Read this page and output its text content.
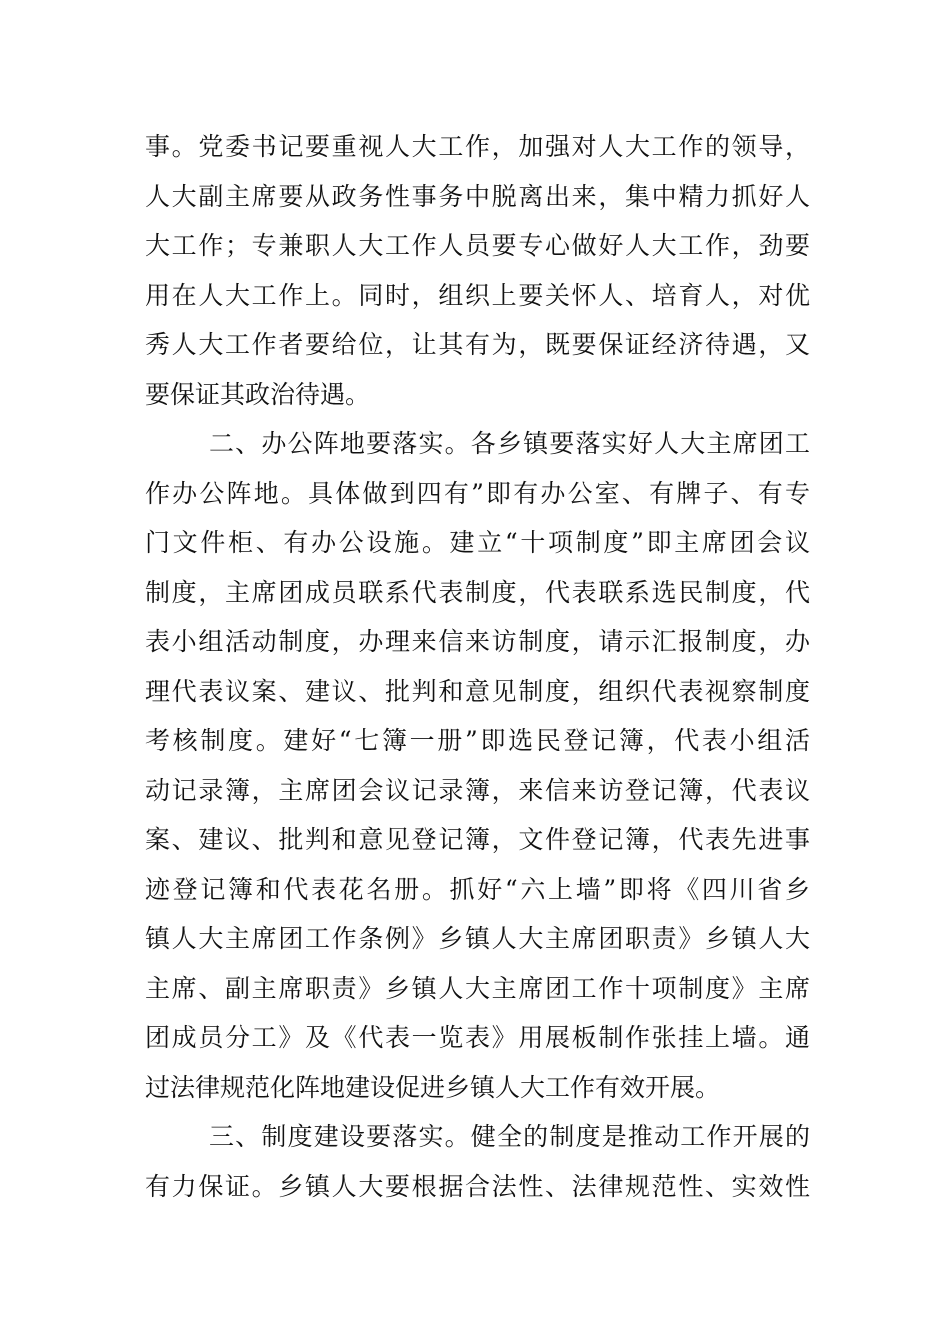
事。党委书记要重视人大工作，加强对人大工作的领导，
人大副主席要从政务性事务中脱离出来，集中精力抓好人
大工作；专兼职人大工作人员要专心做好人大工作，劲要
用在人大工作上。同时，组织上要关怀人、培育人，对优
秀人大工作者要给位，让其有为，既要保证经济待遇，又
要保证其政治待遇。
二、办公阵地要落实。各乡镇要落实好人大主席团工
作办公阵地。具体做到四有”即有办公室、有牌子、有专
门文件柜、有办公设施。建立“十项制度”即主席团会议
制度，主席团成员联系代表制度，代表联系选民制度，代
表小组活动制度，办理来信来访制度，请示汇报制度，办
理代表议案、建议、批判和意见制度，组织代表视察制度
考核制度。建好“七簿一册”即选民登记簿，代表小组活
动记录簿，主席团会议记录簿，来信来访登记簿，代表议
案、建议、批判和意见登记簿，文件登记簿，代表先进事
迹登记簿和代表花名册。抓好“六上墙”即将《四川省乡
镇人大主席团工作条例》乡镇人大主席团职责》乡镇人大
主席、副主席职责》乡镇人大主席团工作十项制度》主席
团成员分工》及《代表一览表》用展板制作张挂上墙。通
过法律规范化阵地建设促进乡镇人大工作有效开展。
三、制度建设要落实。健全的制度是推动工作开展的
有力保证。乡镇人大要根据合法性、法律规范性、实效性
